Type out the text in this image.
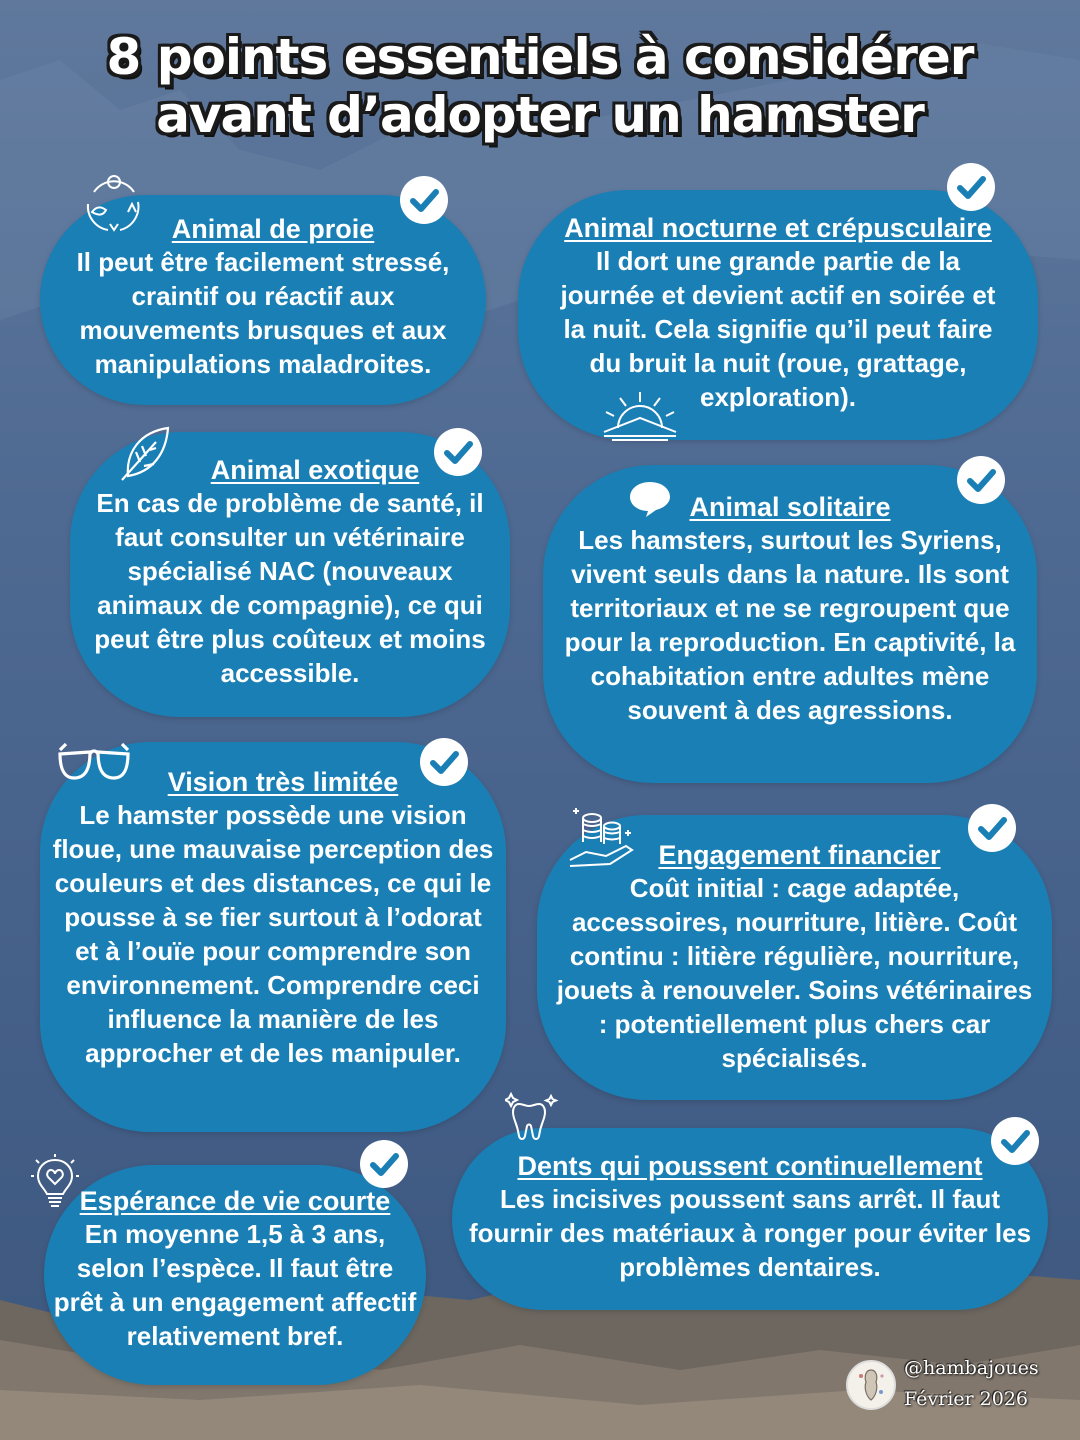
8 points essentiels à considérer
avant d’adopter un hamster
Animal de proie
Il peut être facilement stressé, craintif ou réactif aux mouvements brusques et aux manipulations maladroites.
Animal nocturne et crépusculaire
Il dort une grande partie de la journée et devient actif en soirée et la nuit. Cela signifie qu’il peut faire du bruit la nuit (roue, grattage, exploration).
Animal exotique
En cas de problème de santé, il faut consulter un vétérinaire spécialisé NAC (nouveaux animaux de compagnie), ce qui peut être plus coûteux et moins accessible.
Animal solitaire
Les hamsters, surtout les Syriens, vivent seuls dans la nature. Ils sont territoriaux et ne se regroupent que pour la reproduction. En captivité, la cohabitation entre adultes mène souvent à des agressions.
Vision très limitée
Le hamster possède une vision floue, une mauvaise perception des couleurs et des distances, ce qui le pousse à se fier surtout à l’odorat et à l’ouïe pour comprendre son environnement. Comprendre ceci influence la manière de les approcher et de les manipuler.
Engagement financier
Coût initial : cage adaptée, accessoires, nourriture, litière. Coût continu : litière régulière, nourriture, jouets à renouveler. Soins vétérinaires : potentiellement plus chers car spécialisés.
Espérance de vie courte
En moyenne 1,5 à 3 ans, selon l’espèce. Il faut être prêt à un engagement affectif relativement bref.
Dents qui poussent continuellement
Les incisives poussent sans arrêt. Il faut fournir des matériaux à ronger pour éviter les problèmes dentaires.
@hambajoues
Février 2026
